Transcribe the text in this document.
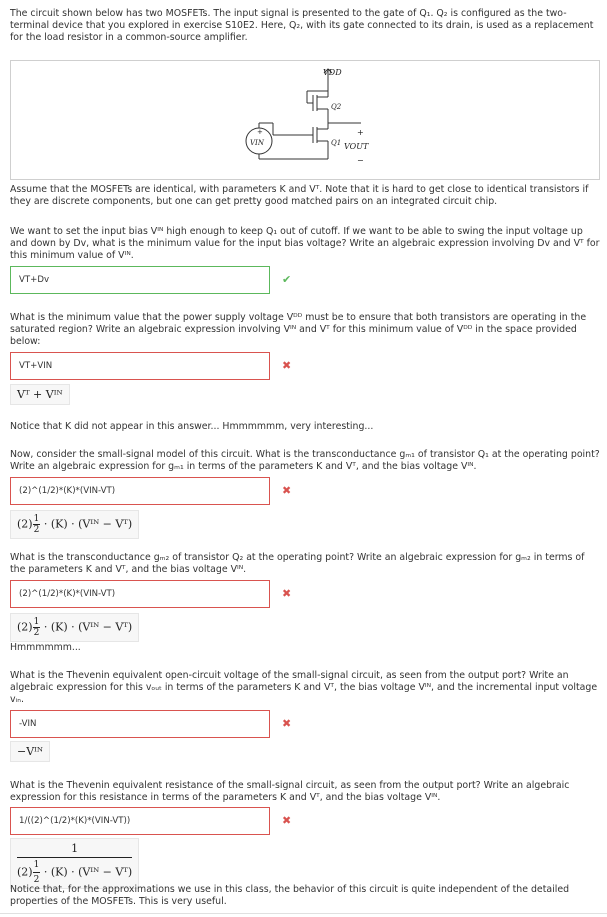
The circuit shown below has two MOSFETs. The input signal is presented to the gate of Q₁. Q₂ is configured as the two-terminal device that you explored in exercise S10E2. Here, Q₂, with its gate connected to its drain, is used as a replacement for the load resistor in a common-source amplifier.
VDD
Q2
Q1
VIN
+	+
VOUT
−
Assume that the MOSFETs are identical, with parameters K and Vᵀ. Note that it is hard to get close to identical transistors if they are discrete components, but one can get pretty good matched pairs on an integrated circuit chip.
We want to set the input bias Vᴵᴺ high enough to keep Q₁ out of cutoff. If we want to be able to swing the input voltage up and down by Dv, what is the minimum value for the input bias voltage? Write an algebraic expression involving Dv and Vᵀ for this minimum value of Vᴵᴺ.
VT+Dv	✔
What is the minimum value that the power supply voltage Vᴰᴰ must be to ensure that both transistors are operating in the saturated region? Write an algebraic expression involving Vᴵᴺ and Vᵀ for this minimum value of Vᴰᴰ in the space provided below:
VT+VIN	✖
Vᵀ + Vᴵᴺ
Notice that K did not appear in this answer... Hmmmmmm, very interesting...
Now, consider the small-signal model of this circuit. What is the transconductance gₘ₁ of transistor Q₁ at the operating point? Write an algebraic expression for gₘ₁ in terms of the parameters K and Vᵀ, and the bias voltage Vᴵᴺ.
(2)^(1/2)*(K)*(VIN-VT)	✖
$(2) \frac{1}{2} \cdot (K)$ · (Vᴵᴺ − Vᵀ)
What is the transconductance gₘ₂ of transistor Q₂ at the operating point? Write an algebraic expression for gₘ₂ in terms of the parameters K and Vᵀ, and the bias voltage Vᴵᴺ.
(2)^(1/2)*(K)*(VIN-VT)	✖
$(2) \frac{1}{2} \cdot (K)$ · (Vᴵᴺ − Vᵀ)
Hmmmmmm...
What is the Thevenin equivalent open-circuit voltage of the small-signal circuit, as seen from the output port? Write an algebraic expression for this vₒᵤₜ in terms of the parameters K and Vᵀ, the bias voltage Vᴵᴺ, and the incremental input voltage vᵢₙ.
-VIN	✖
−Vᴵᴺ
What is the Thevenin equivalent resistance of the small-signal circuit, as seen from the output port? Write an algebraic expression for this resistance in terms of the parameters K and Vᵀ, and the bias voltage Vᴵᴺ.
1/((2)^(1/2)*(K)*(VIN-VT))	✖
1
$(2) \frac{1}{2} \cdot (K)$ · (Vᴵᴺ − Vᵀ)
Notice that, for the approximations we use in this class, the behavior of this circuit is quite independent of the detailed properties of the MOSFETs. This is very useful.
